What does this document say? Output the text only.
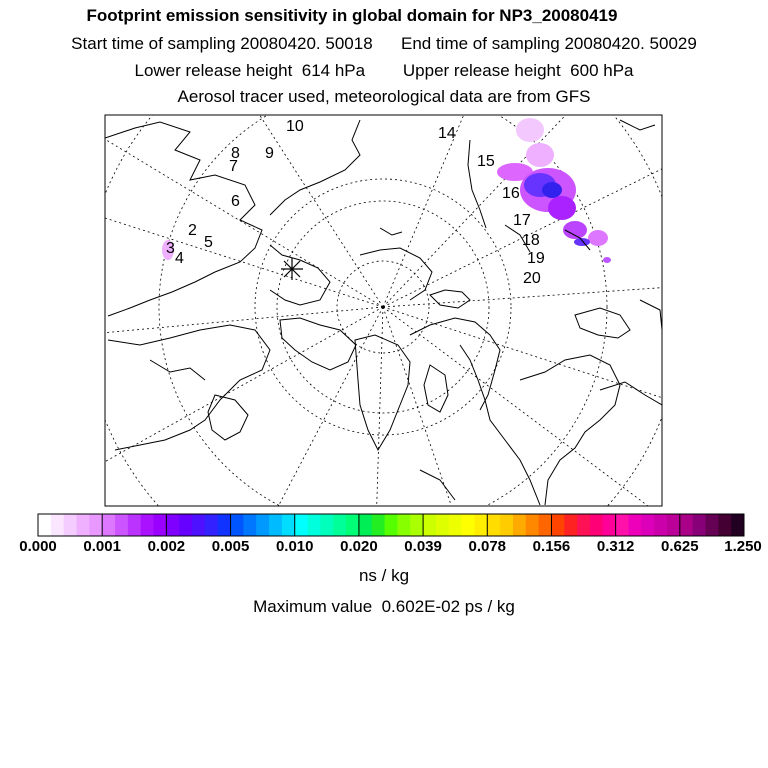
Footprint emission sensitivity in global domain for NP3_20080419
Start time of sampling 20080420. 50018      End time of sampling 20080420. 50029
Lower release height  614 hPa        Upper release height  600 hPa
Aerosol tracer used, meteorological data are from GFS
10	14
8 9
7	15
16
6
17
2
5	18
3
4	19
20
0.000 0.001 0.002 0.005 0.010 0.020 0.039 0.078 0.156 0.312 0.625 1.250
ns / kg
Maximum value  0.602E-02 ps / kg
